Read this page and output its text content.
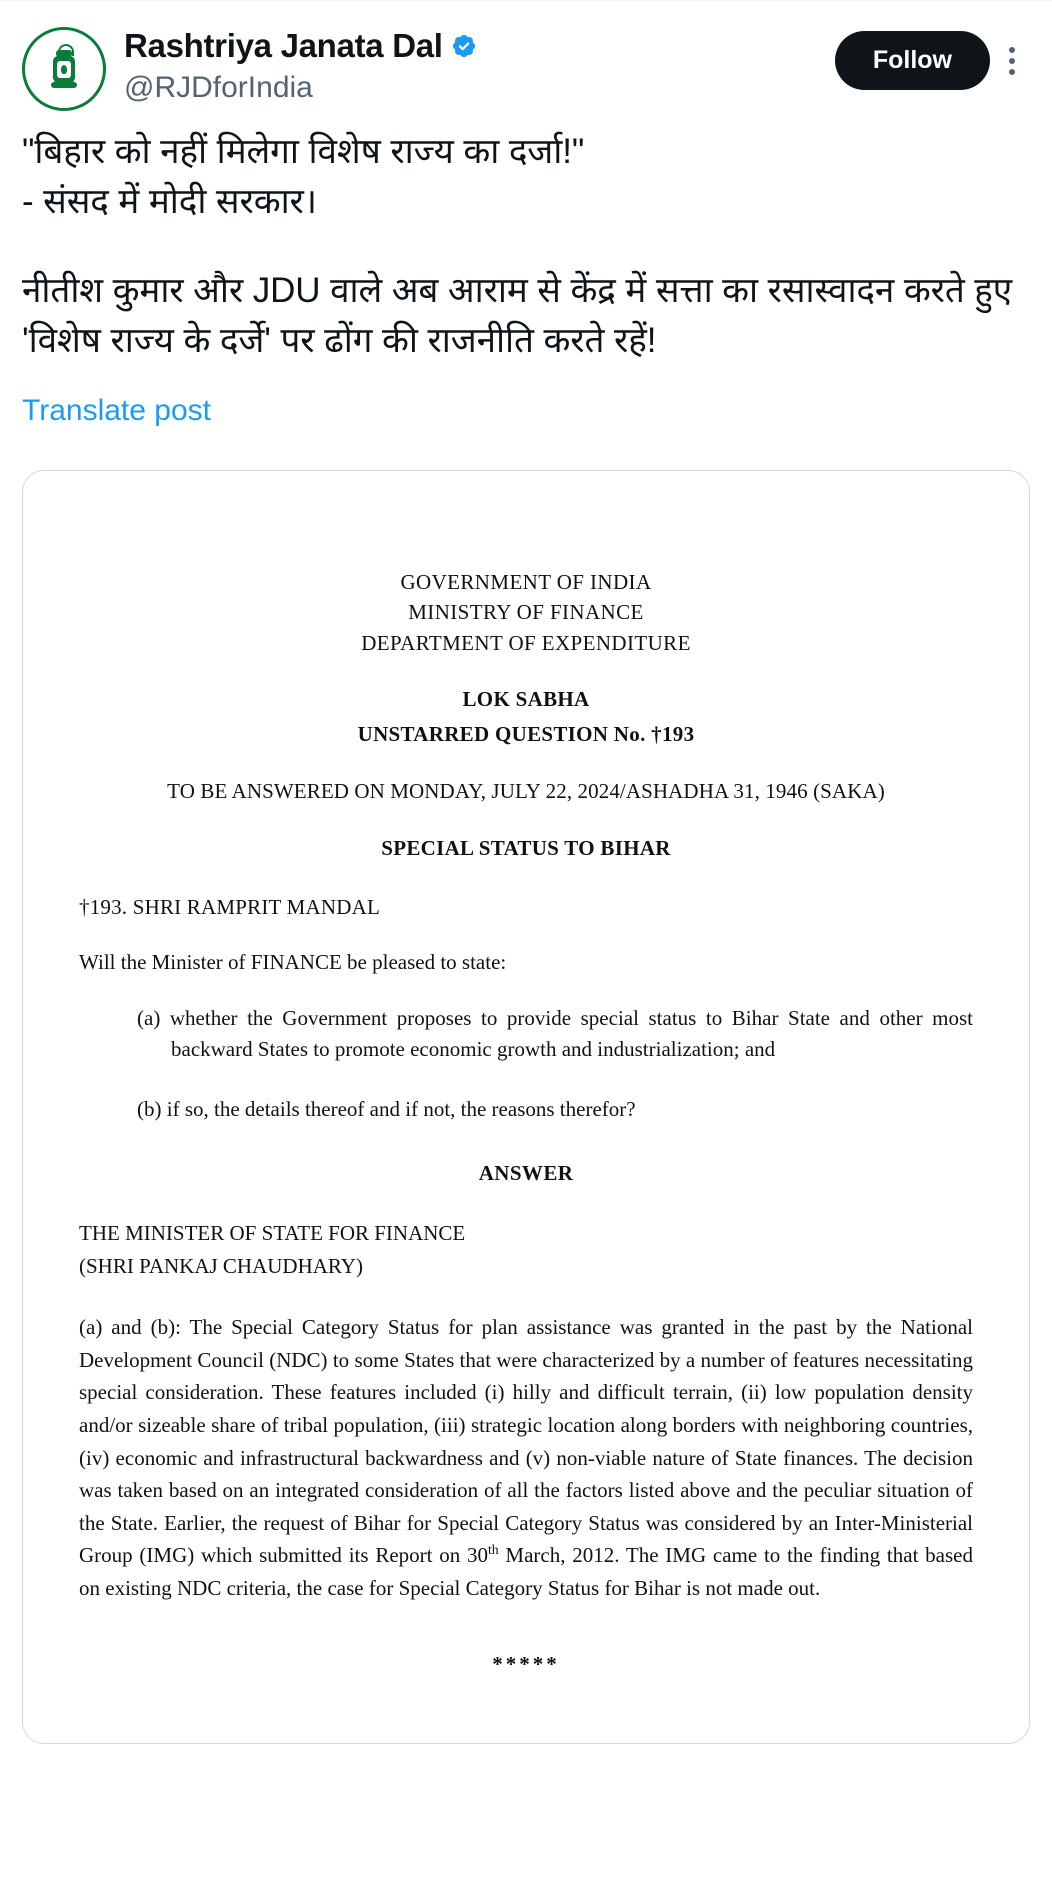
Rashtriya Janata Dal
@RJDforIndia
Follow

"बिहार को नहीं मिलेगा विशेष राज्य का दर्जा!"

- संसद में मोदी सरकार।

नीतीश कुमार और JDU वाले अब आराम से केंद्र में सत्ता का रसास्वादन करते हुए 'विशेष राज्य के दर्जे' पर ढोंग की राजनीति करते रहें!

Translate post
GOVERNMENT OF INDIA
MINISTRY OF FINANCE
DEPARTMENT OF EXPENDITURE
LOK SABHA
UNSTARRED QUESTION No. †193
TO BE ANSWERED ON MONDAY, JULY 22, 2024/ASHADHA 31, 1946 (SAKA)
SPECIAL STATUS TO BIHAR
†193. SHRI RAMPRIT MANDAL
Will the Minister of FINANCE be pleased to state:
(a) whether the Government proposes to provide special status to Bihar State and other most backward States to promote economic growth and industrialization; and
(b) if so, the details thereof and if not, the reasons therefor?
ANSWER
THE MINISTER OF STATE FOR FINANCE
(SHRI PANKAJ CHAUDHARY)
(a) and (b): The Special Category Status for plan assistance was granted in the past by the National Development Council (NDC) to some States that were characterized by a number of features necessitating special consideration. These features included (i) hilly and difficult terrain, (ii) low population density and/or sizeable share of tribal population, (iii) strategic location along borders with neighboring countries, (iv) economic and infrastructural backwardness and (v) non-viable nature of State finances. The decision was taken based on an integrated consideration of all the factors listed above and the peculiar situation of the State. Earlier, the request of Bihar for Special Category Status was considered by an Inter-Ministerial Group (IMG) which submitted its Report on 30th March, 2012. The IMG came to the finding that based on existing NDC criteria, the case for Special Category Status for Bihar is not made out.
*****
